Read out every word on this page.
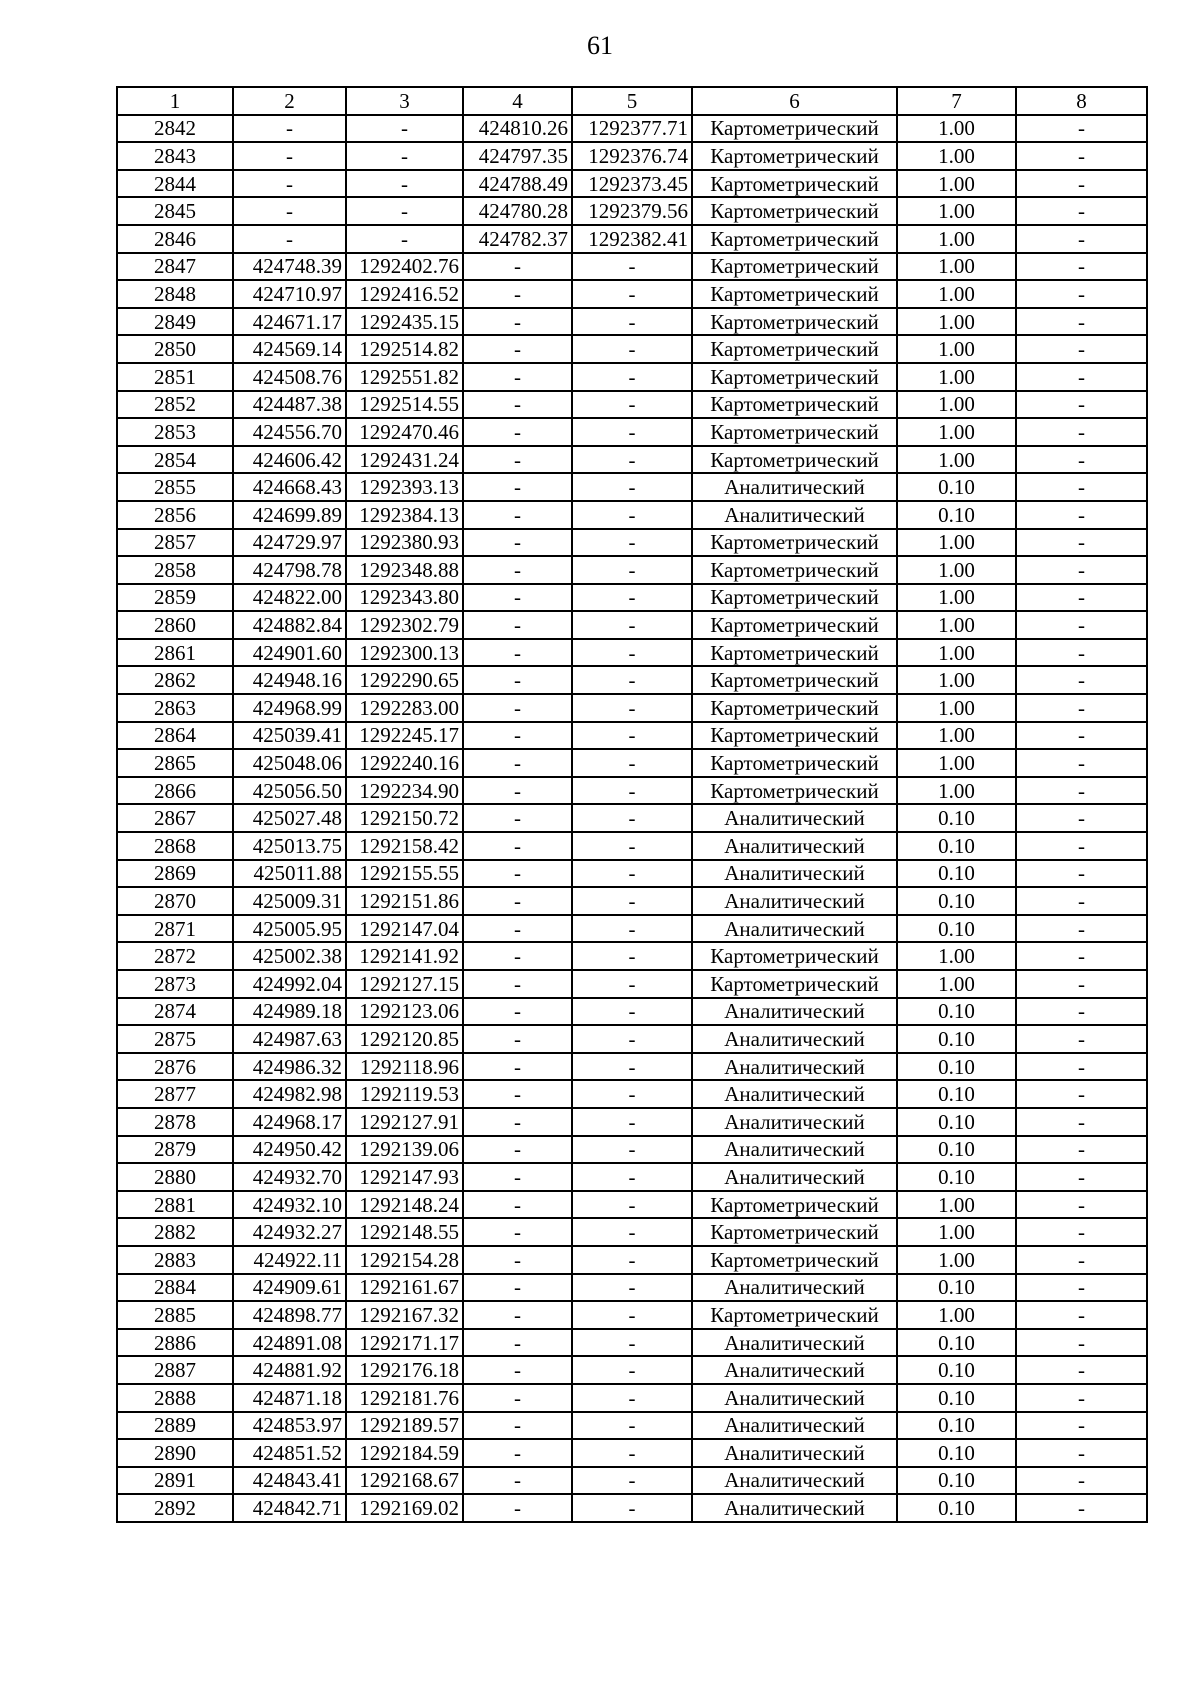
61
1	2	3	4	5	6	7	8
2842	-	-	424810.26	1292377.71	Картометрический	1.00	-
2843	-	-	424797.35	1292376.74	Картометрический	1.00	-
2844	-	-	424788.49	1292373.45	Картометрический	1.00	-
2845	-	-	424780.28	1292379.56	Картометрический	1.00	-
2846	-	-	424782.37	1292382.41	Картометрический	1.00	-
2847	424748.39	1292402.76	-	-	Картометрический	1.00	-
2848	424710.97	1292416.52	-	-	Картометрический	1.00	-
2849	424671.17	1292435.15	-	-	Картометрический	1.00	-
2850	424569.14	1292514.82	-	-	Картометрический	1.00	-
2851	424508.76	1292551.82	-	-	Картометрический	1.00	-
2852	424487.38	1292514.55	-	-	Картометрический	1.00	-
2853	424556.70	1292470.46	-	-	Картометрический	1.00	-
2854	424606.42	1292431.24	-	-	Картометрический	1.00	-
2855	424668.43	1292393.13	-	-	Аналитический	0.10	-
2856	424699.89	1292384.13	-	-	Аналитический	0.10	-
2857	424729.97	1292380.93	-	-	Картометрический	1.00	-
2858	424798.78	1292348.88	-	-	Картометрический	1.00	-
2859	424822.00	1292343.80	-	-	Картометрический	1.00	-
2860	424882.84	1292302.79	-	-	Картометрический	1.00	-
2861	424901.60	1292300.13	-	-	Картометрический	1.00	-
2862	424948.16	1292290.65	-	-	Картометрический	1.00	-
2863	424968.99	1292283.00	-	-	Картометрический	1.00	-
2864	425039.41	1292245.17	-	-	Картометрический	1.00	-
2865	425048.06	1292240.16	-	-	Картометрический	1.00	-
2866	425056.50	1292234.90	-	-	Картометрический	1.00	-
2867	425027.48	1292150.72	-	-	Аналитический	0.10	-
2868	425013.75	1292158.42	-	-	Аналитический	0.10	-
2869	425011.88	1292155.55	-	-	Аналитический	0.10	-
2870	425009.31	1292151.86	-	-	Аналитический	0.10	-
2871	425005.95	1292147.04	-	-	Аналитический	0.10	-
2872	425002.38	1292141.92	-	-	Картометрический	1.00	-
2873	424992.04	1292127.15	-	-	Картометрический	1.00	-
2874	424989.18	1292123.06	-	-	Аналитический	0.10	-
2875	424987.63	1292120.85	-	-	Аналитический	0.10	-
2876	424986.32	1292118.96	-	-	Аналитический	0.10	-
2877	424982.98	1292119.53	-	-	Аналитический	0.10	-
2878	424968.17	1292127.91	-	-	Аналитический	0.10	-
2879	424950.42	1292139.06	-	-	Аналитический	0.10	-
2880	424932.70	1292147.93	-	-	Аналитический	0.10	-
2881	424932.10	1292148.24	-	-	Картометрический	1.00	-
2882	424932.27	1292148.55	-	-	Картометрический	1.00	-
2883	424922.11	1292154.28	-	-	Картометрический	1.00	-
2884	424909.61	1292161.67	-	-	Аналитический	0.10	-
2885	424898.77	1292167.32	-	-	Картометрический	1.00	-
2886	424891.08	1292171.17	-	-	Аналитический	0.10	-
2887	424881.92	1292176.18	-	-	Аналитический	0.10	-
2888	424871.18	1292181.76	-	-	Аналитический	0.10	-
2889	424853.97	1292189.57	-	-	Аналитический	0.10	-
2890	424851.52	1292184.59	-	-	Аналитический	0.10	-
2891	424843.41	1292168.67	-	-	Аналитический	0.10	-
2892	424842.71	1292169.02	-	-	Аналитический	0.10	-
